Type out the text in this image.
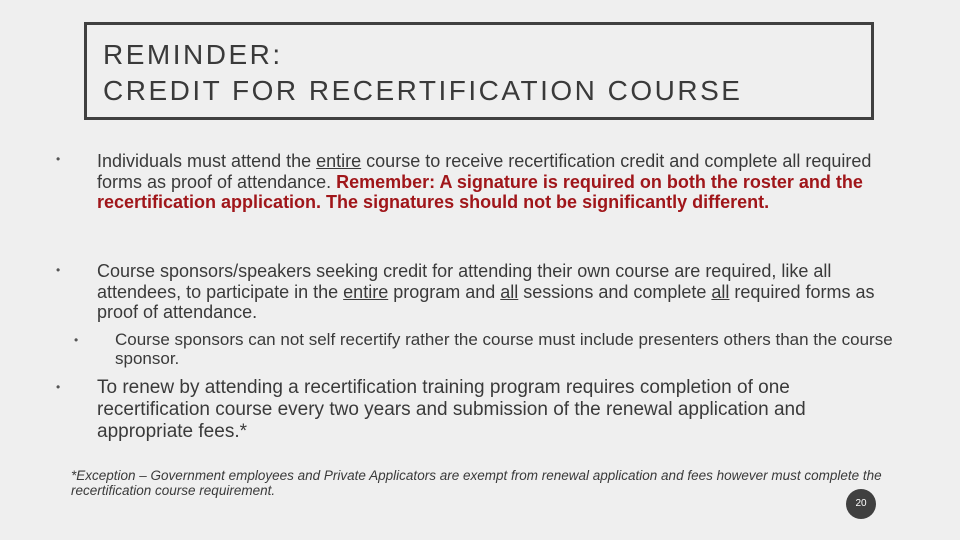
REMINDER:
CREDIT FOR RECERTIFICATION COURSE
• Individuals must attend the entire course to receive recertification credit and complete all required forms as proof of attendance. Remember: A signature is required on both the roster and the recertification application. The signatures should not be significantly different.
• Course sponsors/speakers seeking credit for attending their own course are required, like all attendees, to participate in the entire program and all sessions and complete all required forms as proof of attendance.
• Course sponsors can not self recertify rather the course must include presenters others than the course sponsor.
• To renew by attending a recertification training program requires completion of one recertification course every two years and submission of the renewal application and appropriate fees.*
*Exception – Government employees and Private Applicators are exempt from renewal application and fees however must complete the recertification course requirement.
20
